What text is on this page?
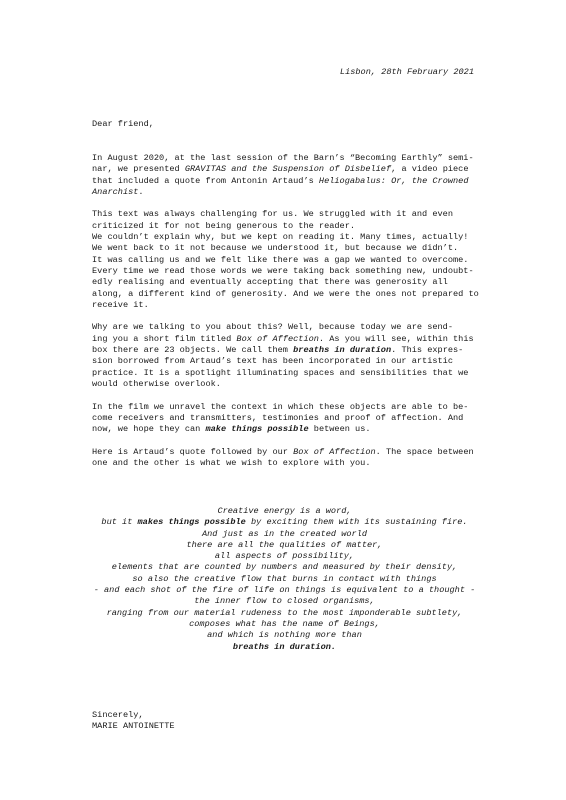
Lisbon, 28th February 2021
Dear friend,
In August 2020, at the last session of the Barn’s “Becoming Earthly” semi-
nar, we presented GRAVITAS and the Suspension of Disbelief, a video piece
that included a quote from Antonin Artaud’s Heliogabalus: Or, the Crowned
Anarchist.
This text was always challenging for us. We struggled with it and even
criticized it for not being generous to the reader.
We couldn’t explain why, but we kept on reading it. Many times, actually!
We went back to it not because we understood it, but because we didn’t.
It was calling us and we felt like there was a gap we wanted to overcome.
Every time we read those words we were taking back something new, undoubt-
edly realising and eventually accepting that there was generosity all
along, a different kind of generosity. And we were the ones not prepared to
receive it.
Why are we talking to you about this? Well, because today we are send-
ing you a short film titled Box of Affection. As you will see, within this
box there are 23 objects. We call them breaths in duration. This expres-
sion borrowed from Artaud’s text has been incorporated in our artistic
practice. It is a spotlight illuminating spaces and sensibilities that we
would otherwise overlook.
In the film we unravel the context in which these objects are able to be-
come receivers and transmitters, testimonies and proof of affection. And
now, we hope they can make things possible between us.
Here is Artaud’s quote followed by our Box of Affection. The space between
one and the other is what we wish to explore with you.
Creative energy is a word,
but it makes things possible by exciting them with its sustaining fire.
And just as in the created world
there are all the qualities of matter,
all aspects of possibility,
elements that are counted by numbers and measured by their density,
so also the creative flow that burns in contact with things
- and each shot of the fire of life on things is equivalent to a thought -
the inner flow to closed organisms,
ranging from our material rudeness to the most imponderable subtlety,
composes what has the name of Beings,
and which is nothing more than
breaths in duration.
Sincerely,
MARIE ANTOINETTE
